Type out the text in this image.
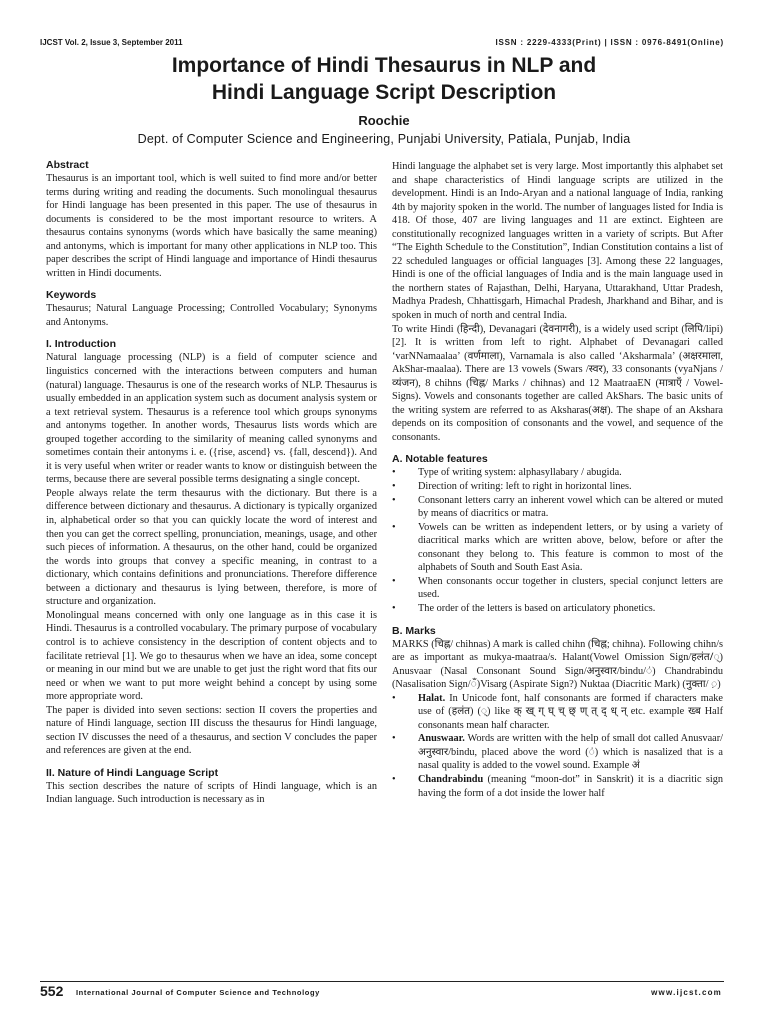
IJCST Vol. 2, Issue 3, September 2011	ISSN : 2229-4333(Print) | ISSN : 0976-8491(Online)
Importance of Hindi Thesaurus in NLP and
Hindi Language Script Description
Roochie
Dept. of Computer Science and Engineering, Punjabi University, Patiala, Punjab, India
Abstract

Thesaurus is an important tool, which is well suited to find more and/or better terms during writing and reading the documents. Such monolingual thesaurus for Hindi language has been presented in this paper. The use of thesaurus in documents is considered to be the most important resource to writers. A thesaurus contains synonyms (words which have basically the same meaning) and antonyms, which is important for many other applications in NLP too. This paper describes the script of Hindi language and importance of Hindi thesaurus written in Hindi documents.

Keywords

Thesaurus; Natural Language Processing; Controlled Vocabulary; Synonyms and Antonyms.

I. Introduction

Natural language processing (NLP) is a field of computer science and linguistics concerned with the interactions between computers and human (natural) language. Thesaurus is one of the research works of NLP. Thesaurus is usually embedded in an application system such as document analysis system or a text retrieval system. Thesaurus is a reference tool which groups synonyms and antonyms together. In another words, Thesaurus lists words which are grouped together according to the similarity of meaning called synonyms and sometimes contain their antonyms i. e. ({rise, ascend} vs. {fall, descend}). And it is very useful when writer or reader wants to know or distinguish between the terms, because there are several possible terms designating a single concept.

People always relate the term thesaurus with the dictionary. But there is a difference between dictionary and thesaurus. A dictionary is typically organized in, alphabetical order so that you can quickly locate the word of interest and then you can get the correct spelling, pronunciation, meanings, usage, and other such pieces of information. A thesaurus, on the other hand, could be organized the words into groups that convey a specific meaning, in contrast to a dictionary, which contains definitions and pronunciations. Therefore difference between a dictionary and thesaurus is lying between, therefore, is more of structure and organization.

Monolingual means concerned with only one language as in this case it is Hindi. Thesaurus is a controlled vocabulary. The primary purpose of vocabulary control is to achieve consistency in the description of content objects and to facilitate retrieval [1]. We go to thesaurus when we have an idea, some concept or meaning in our mind but we are unable to get just the right word that fits our need or when we want to put more weight behind a concept by using some more appropriate word.

The paper is divided into seven sections: section II covers the properties and nature of Hindi language, section III discuss the thesaurus for Hindi language, section IV discusses the need of a thesaurus, and section V concludes the paper and references are given at the end.

II. Nature of Hindi Language Script

This section describes the nature of scripts of Hindi language, which is an Indian language. Such introduction is necessary as in

Hindi language the alphabet set is very large. Most importantly this alphabet set and shape characteristics of Hindi language scripts are utilized in the development. Hindi is an Indo-Aryan and a national language of India, ranking 4th by majority spoken in the world. The number of languages listed for India is 418. Of those, 407 are living languages and 11 are extinct. Eighteen are constitutionally recognized languages written in a variety of scripts. But After “The Eighth Schedule to the Constitution”, Indian Constitution contains a list of 22 scheduled languages or official languages [3]. Among these 22 languages, Hindi is one of the official languages of India and is the main language used in the northern states of Rajasthan, Delhi, Haryana, Uttarakhand, Uttar Pradesh, Madhya Pradesh, Chhattisgarh, Himachal Pradesh, Jharkhand and Bihar, and is spoken in much of north and central India.

To write Hindi (हिन्दी), Devanagari (देवनागरी), is a widely used script (लिपि/lipi) [2]. It is written from left to right. Alphabet of Devanagari called ‘varNNamaalaa’ (वर्णमाला), Varnamala is also called ‘Aksharmala’ (अक्षरमाला, AkShar-maalaa). There are 13 vowels (Swars /स्वर), 33 consonants (vyaNjans /व्यंजन), 8 chihns (चिह्न/ Marks / chihnas) and 12 MaatraaEN (मात्राएँ / Vowel-Signs). Vowels and consonants together are called AkShars. The basic units of the writing system are referred to as Aksharas(अक्ष). The shape of an Akshara depends on its composition of consonants and the vowel, and sequence of the consonants.

A. Notable features
• Type of writing system: alphasyllabary / abugida.
• Direction of writing: left to right in horizontal lines.
• Consonant letters carry an inherent vowel which can be altered or muted by means of diacritics or matra.
• Vowels can be written as independent letters, or by using a variety of diacritical marks which are written above, below, before or after the consonant they belong to. This feature is common to most of the alphabets of South and South East Asia.
• When consonants occur together in clusters, special conjunct letters are used.
• The order of the letters is based on articulatory phonetics.
B. Marks

MARKS (चिह्न/ chihnas) A mark is called chihn (चिह्न; chihna). Following chihn/s are as important as mukya-maatraa/s. Halant(Vowel Omission Sign/हलंत/्) Anusvaar (Nasal Consonant Sound Sign/अनुस्वार/bindu/ं) Chandrabindu (Nasalisation Sign/ँ)Visarg (Aspirate Sign?) Nuktaa (Diacritic Mark) (नुक्ता/ ़)

• Halat. In Unicode font, half consonants are formed if characters make use of (हलंत) (्) like क् ख् ग् घ् च् छ् ण् त् द् ध् न् etc. example ख्ब Half consonants mean half character.
• Anuswaar. Words are written with the help of small dot called Anusvaar/अनुस्वार/bindu, placed above the word (ं) which is nasalized that is a nasal quality is added to the vowel sound. Example अं
• Chandrabindu (meaning “moon-dot” in Sanskrit) it is a diacritic sign having the form of a dot inside the lower half
552 International Journal of Computer Science and Technology	www.ijcst.com
